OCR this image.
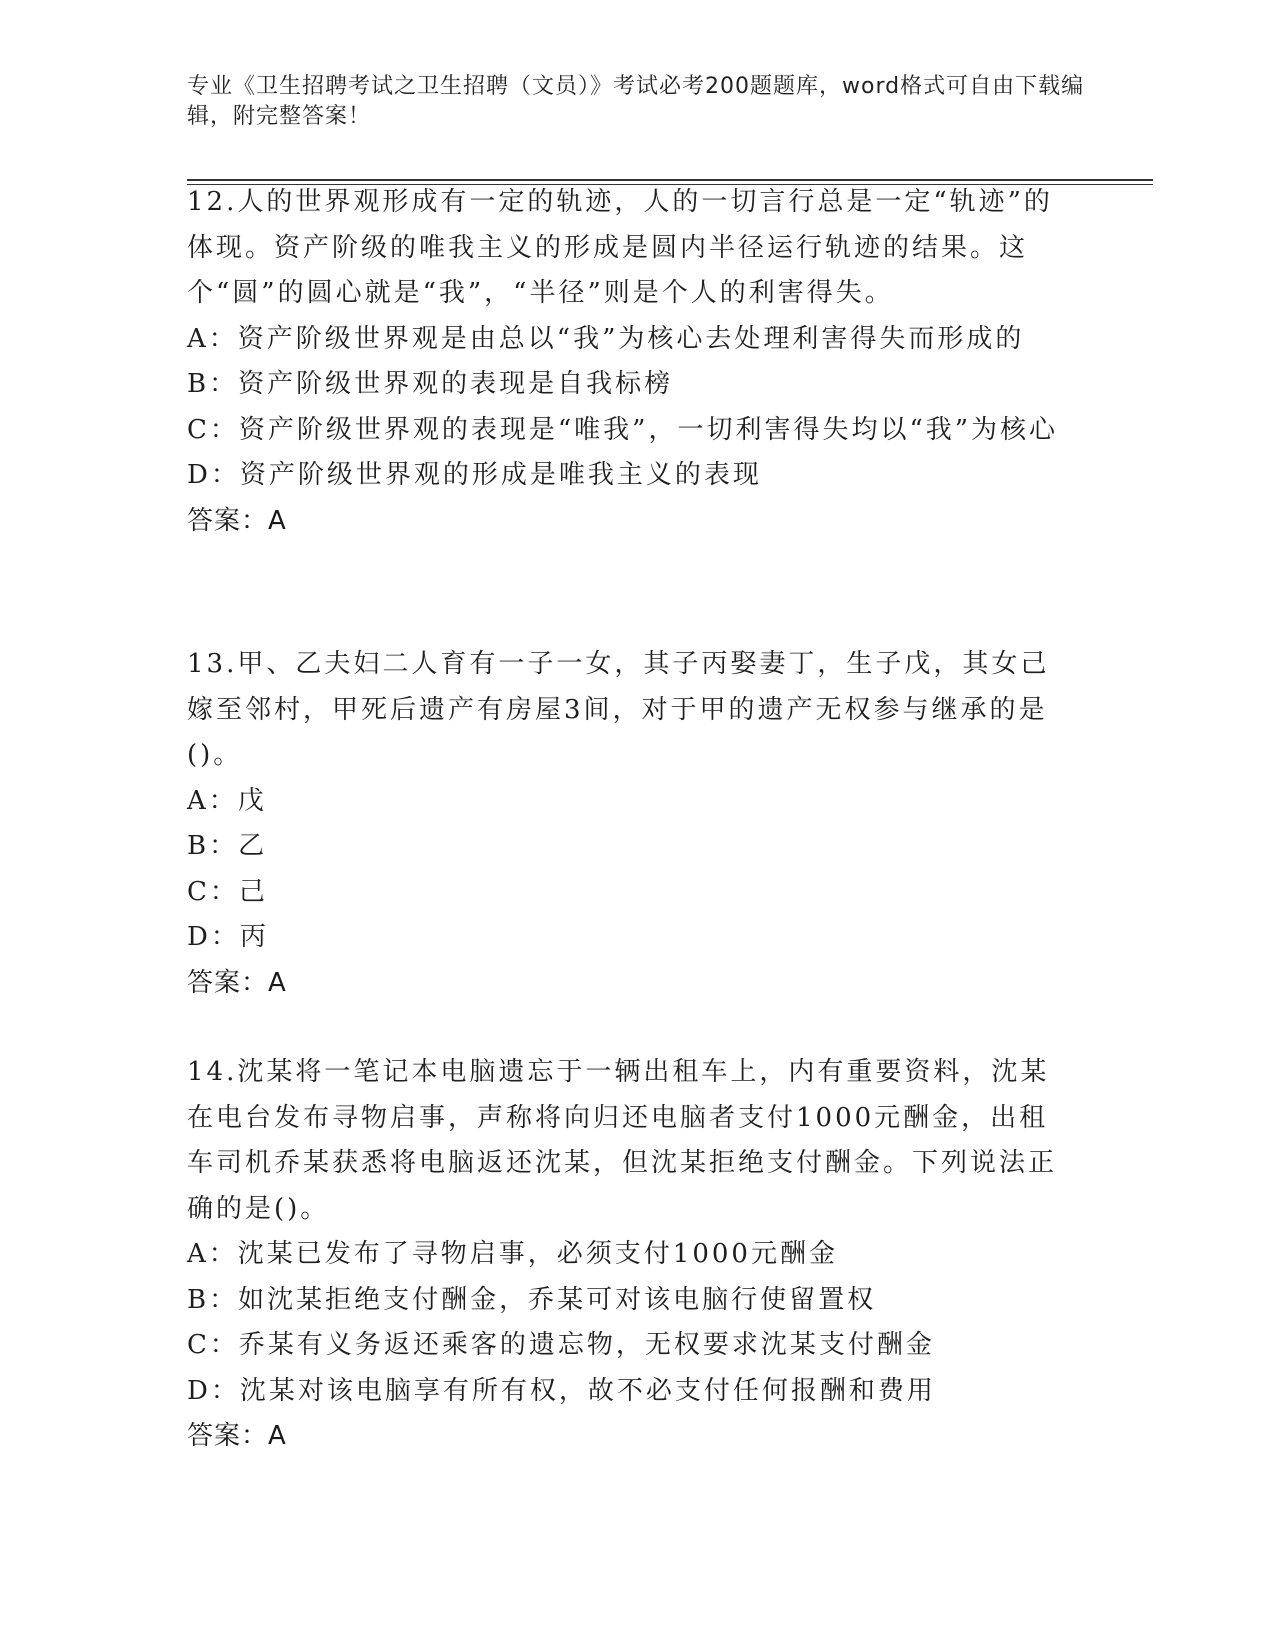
专业《卫生招聘考试之卫生招聘（文员）》考试必考200题题库，word格式可自由下载编辑，附完整答案！

12.人的世界观形成有一定的轨迹，人的一切言行总是一定“轨迹”的体现。资产阶级的唯我主义的形成是圆内半径运行轨迹的结果。这个“圆”的圆心就是“我”，“半径”则是个人的利害得失。

A：资产阶级世界观是由总以“我”为核心去处理利害得失而形成的

B：资产阶级世界观的表现是自我标榜

C：资产阶级世界观的表现是“唯我”，一切利害得失均以“我”为核心

D：资产阶级世界观的形成是唯我主义的表现

答案：A

13.甲、乙夫妇二人育有一子一女，其子丙娶妻丁，生子戊，其女己嫁至邻村，甲死后遗产有房屋3间，对于甲的遗产无权参与继承的是()。

A：戊

B：乙

C：己

D：丙

答案：A

14.沈某将一笔记本电脑遗忘于一辆出租车上，内有重要资料，沈某在电台发布寻物启事，声称将向归还电脑者支付1000元酬金，出租车司机乔某获悉将电脑返还沈某，但沈某拒绝支付酬金。下列说法正确的是()。

A：沈某已发布了寻物启事，必须支付1000元酬金

B：如沈某拒绝支付酬金，乔某可对该电脑行使留置权

C：乔某有义务返还乘客的遗忘物，无权要求沈某支付酬金

D：沈某对该电脑享有所有权，故不必支付任何报酬和费用

答案：A
